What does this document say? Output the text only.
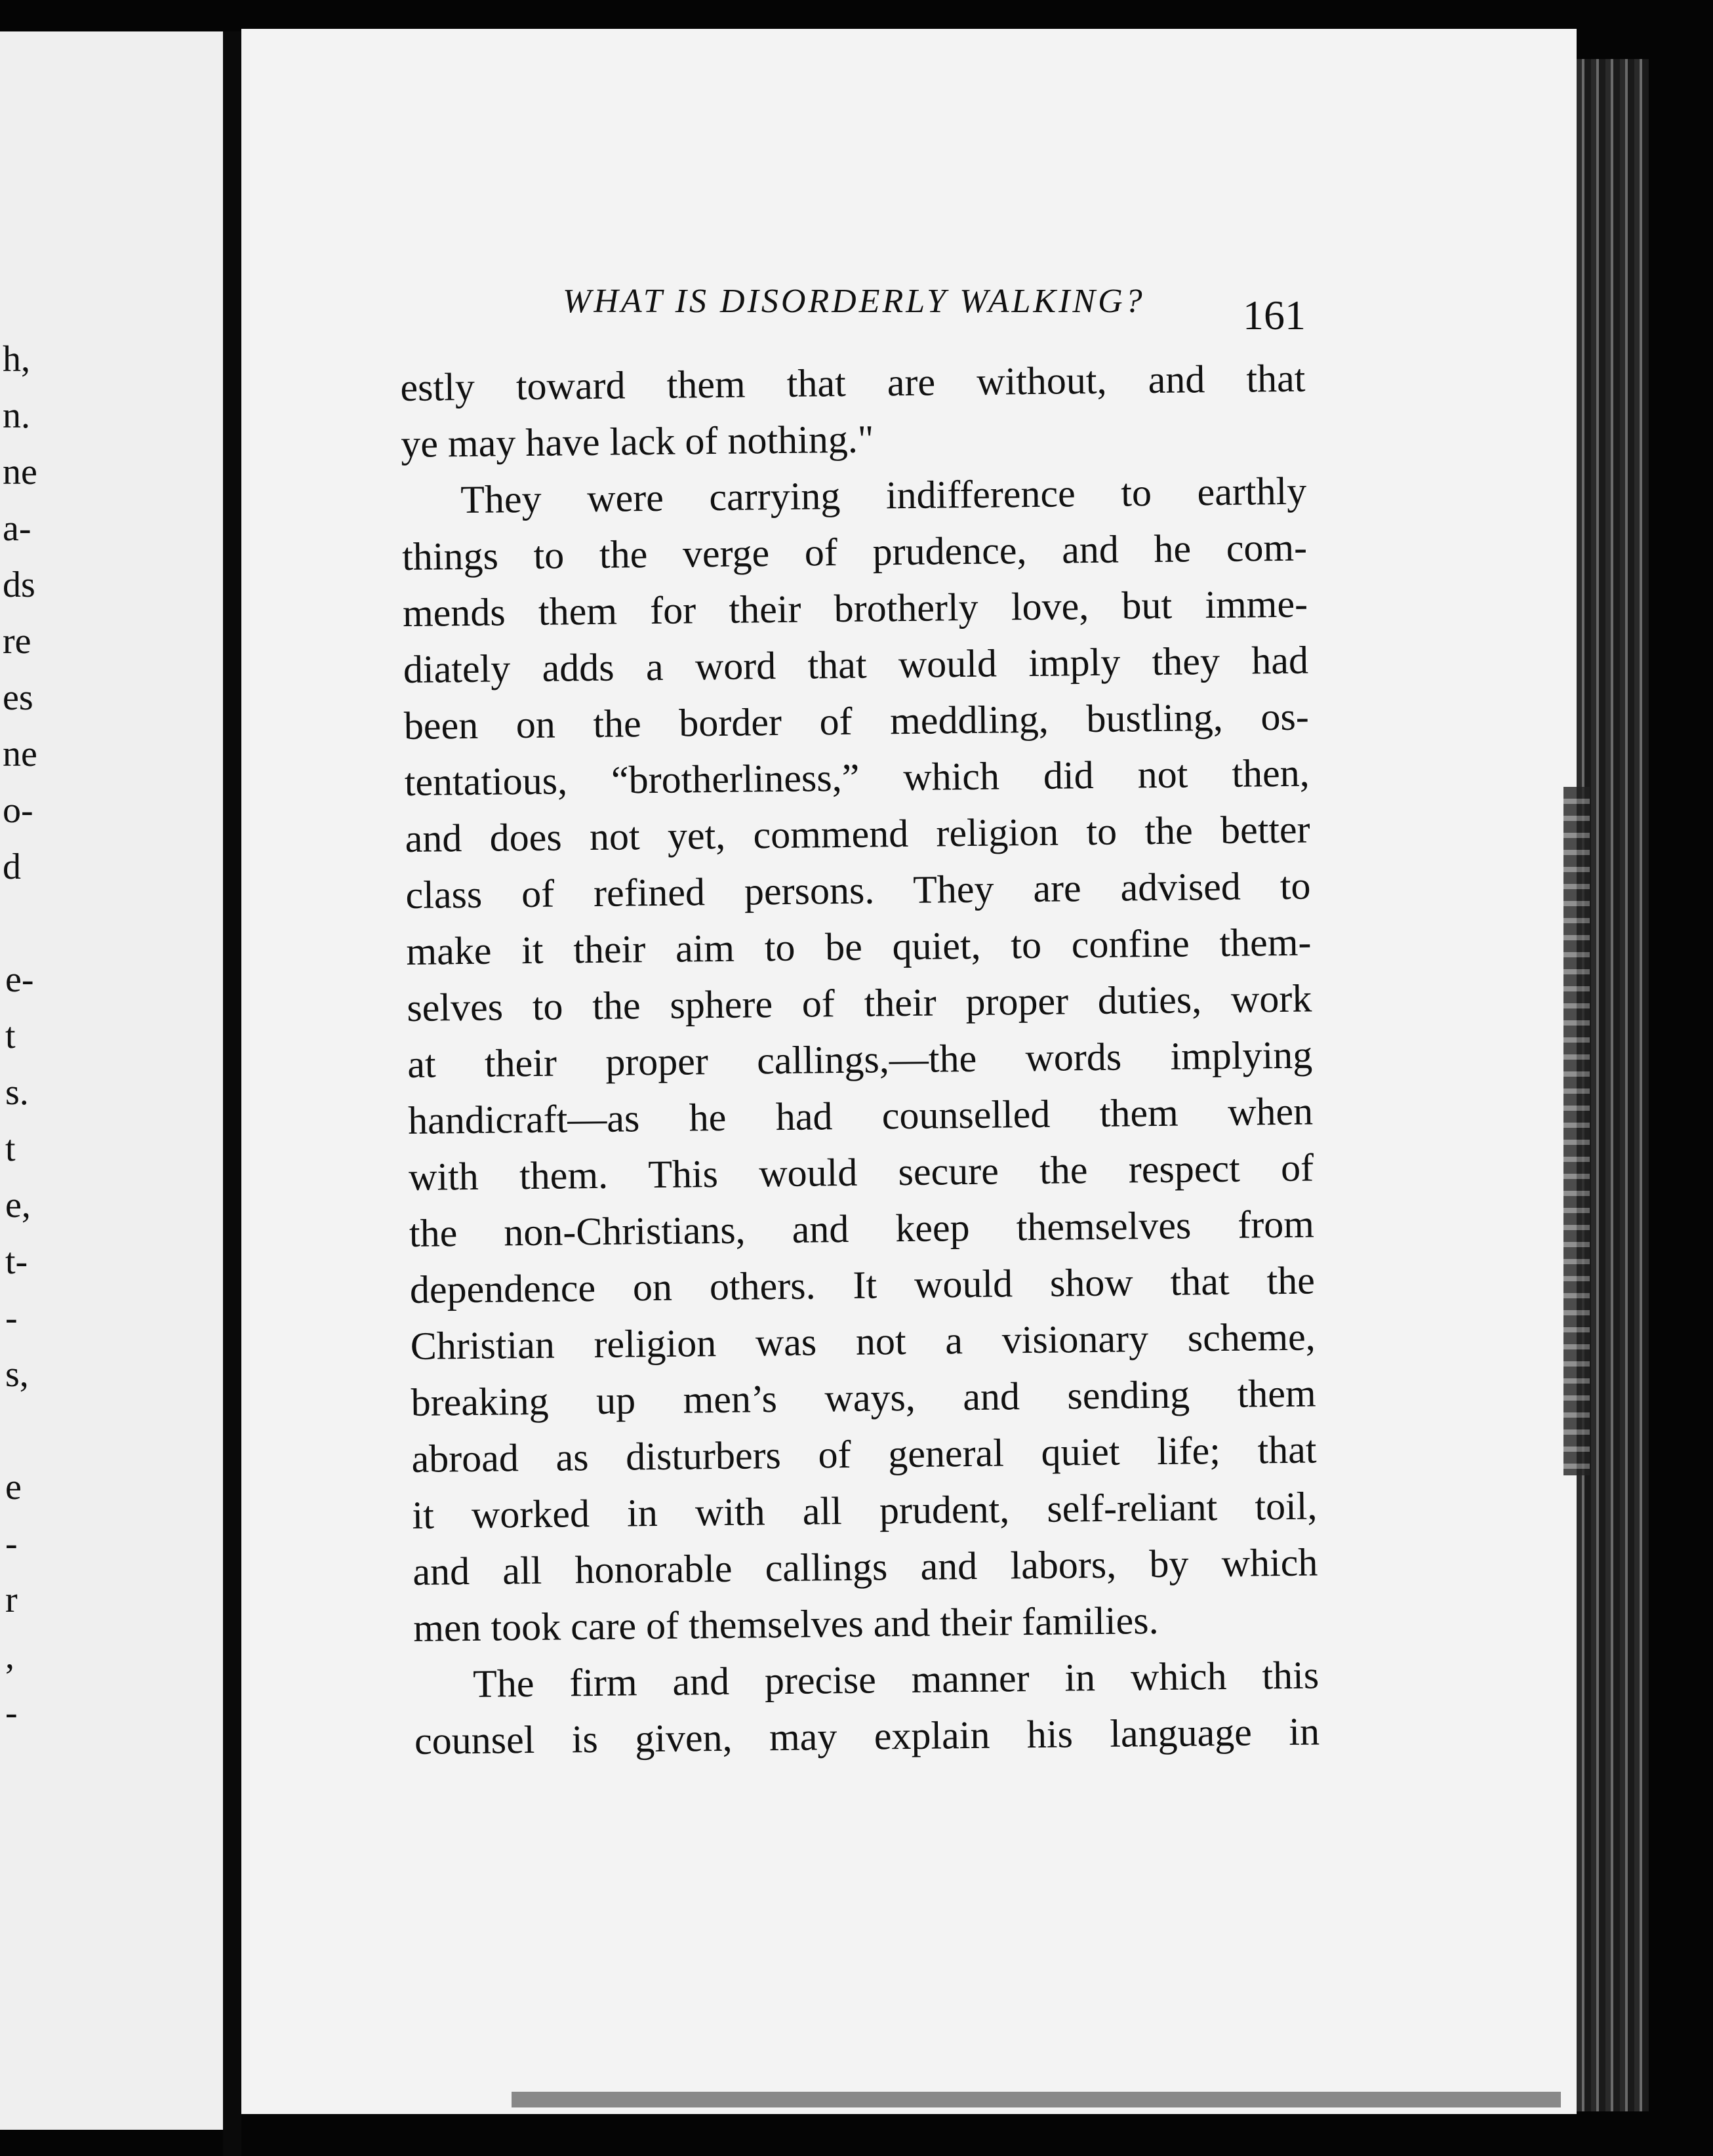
h,
n.
ne
a-
ds
re
es
ne
o-
d
e-
t
s.
t
e,
t-
-
s,
e
-
r
,
-
WHAT IS DISORDERLY WALKING?	161
estly toward them that are without, and that
ye may have lack of nothing."
They were carrying indifference to earthly
things to the verge of prudence, and he com-
mends them for their brotherly love, but imme-
diately adds a word that would imply they had
been on the border of meddling, bustling, os-
tentatious, “brotherliness,” which did not then,
and does not yet, commend religion to the better
class of refined persons. They are advised to
make it their aim to be quiet, to confine them-
selves to the sphere of their proper duties, work
at their proper callings,—the words implying
handicraft—as he had counselled them when
with them. This would secure the respect of
the non-Christians, and keep themselves from
dependence on others. It would show that the
Christian religion was not a visionary scheme,
breaking up men’s ways, and sending them
abroad as disturbers of general quiet life; that
it worked in with all prudent, self-reliant toil,
and all honorable callings and labors, by which
men took care of themselves and their families.
The firm and precise manner in which this
counsel is given, may explain his language in
